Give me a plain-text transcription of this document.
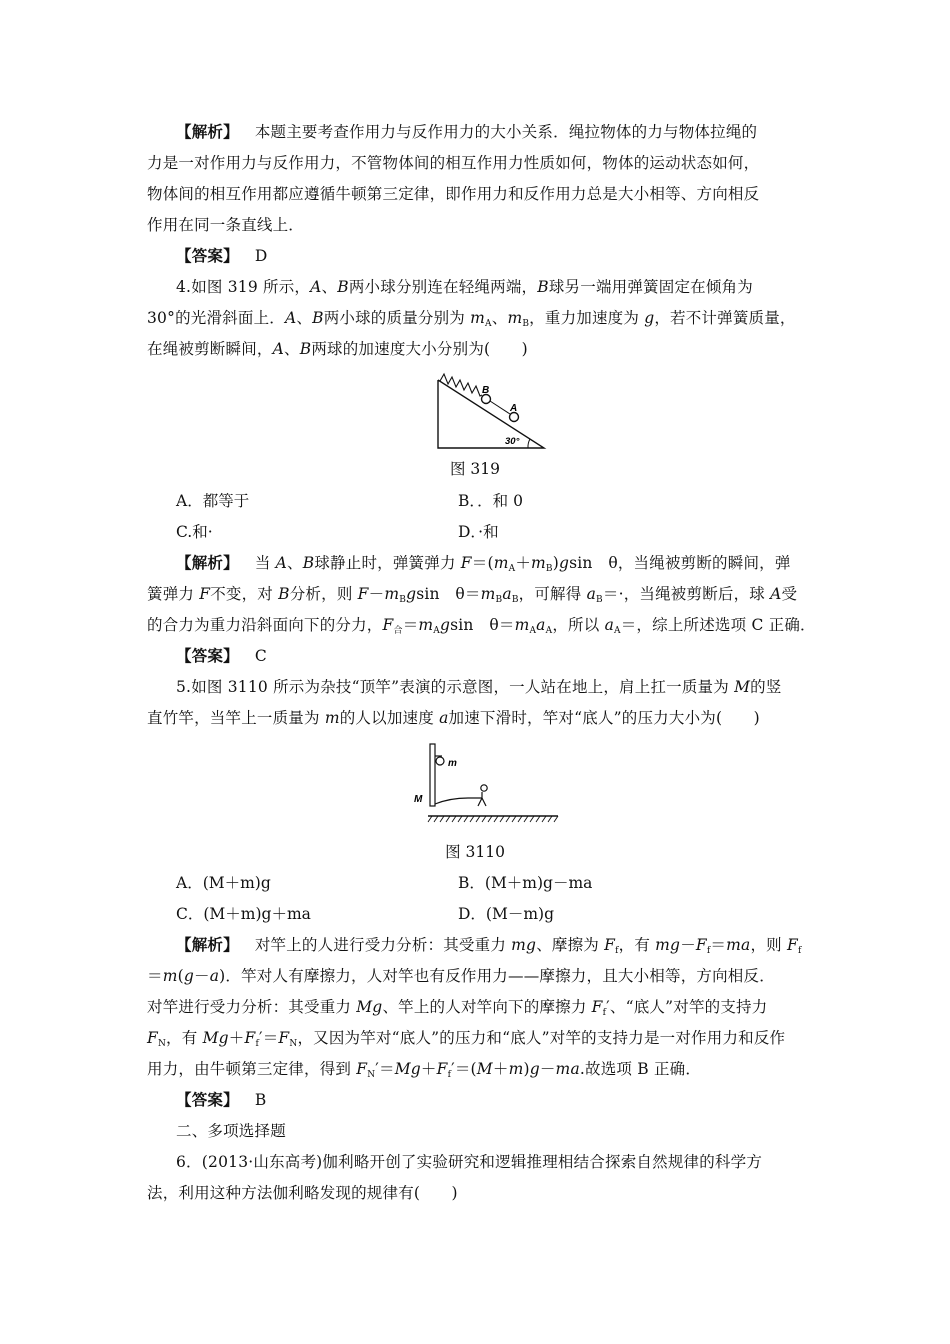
【解析】 本题主要考查作用力与反作用力的大小关系．绳拉物体的力与物体拉绳的
力是一对作用力与反作用力，不管物体间的相互作用力性质如何，物体的运动状态如何，
物体间的相互作用都应遵循牛顿第三定律，即作用力和反作用力总是大小相等、方向相反
作用在同一条直线上．
【答案】 D
4.如图 319 所示，A、B两小球分别连在轻绳两端，B球另一端用弹簧固定在倾角为
30°的光滑斜面上．A、B两小球的质量分别为 $m_A$、$m_B$，重力加速度为 g，若不计弹簧质量，
在绳被剪断瞬间，A、B两球的加速度大小分别为(　　)
B
A
30°
图 319
A．都等于	B．．和 0
C.和·	D．·和
【解析】 当 A、B球静止时，弹簧弹力 $F=(m_A+m_B)gsin$　θ，当绳被剪断的瞬间，弹
簧弹力 F不变，对 B分析，则 $F-m_Bgsin$　$\theta=m_Ba_B$，可解得 $a_B=\cdot$，当绳被剪断后，球 A受
的合力为重力沿斜面向下的分力，$F_合=m_Agsin$　$\theta=m_Aa_A$，所以 $a_A=$，综上所述选项 C 正确．
【答案】 C
5.如图 3110 所示为杂技“顶竿”表演的示意图，一人站在地上，肩上扛一质量为 M的竖
直竹竿，当竿上一质量为 m的人以加速度 a加速下滑时，竿对“底人”的压力大小为(　　)
m
M
图 3110
A．(M＋m)g	B．(M＋m)g－ma
C．(M＋m)g＋ma	D．(M－m)g
【解析】 对竿上的人进行受力分析：其受重力 mg、摩擦为 $F_f$，有 $mg-F_f=ma$，则 $F_f$
＝m(g－a)．竿对人有摩擦力，人对竿也有反作用力——摩擦力，且大小相等，方向相反．
对竿进行受力分析：其受重力 Mg、竿上的人对竿向下的摩擦力 $F_f'$、“底人”对竿的支持力
$F_N$，有 $Mg+F_f'=F_N$，又因为竿对“底人”的压力和“底人”对竿的支持力是一对作用力和反作
用力，由牛顿第三定律，得到 $F_N'=Mg+F_f'=(M+m)g-ma$.故选项 B 正确．
【答案】 B
二、多项选择题
6．(2013·山东高考)伽利略开创了实验研究和逻辑推理相结合探索自然规律的科学方
法，利用这种方法伽利略发现的规律有(　　)
